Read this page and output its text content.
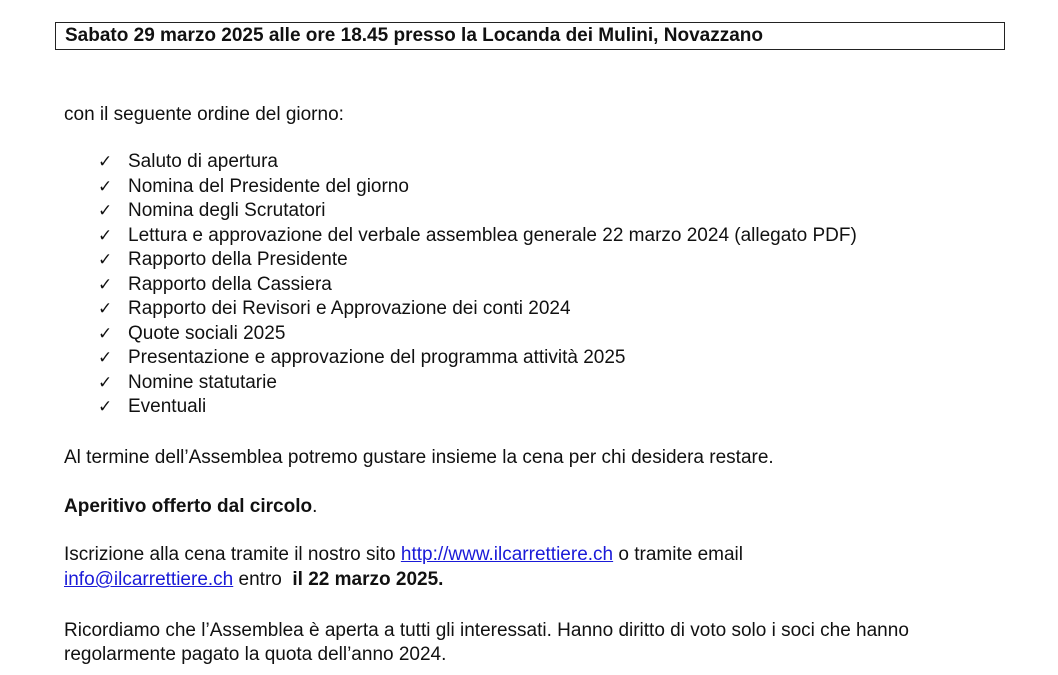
Sabato 29 marzo 2025 alle ore 18.45 presso la Locanda dei Mulini, Novazzano
con il seguente ordine del giorno:
✓ Saluto di apertura
✓ Nomina del Presidente del giorno
✓ Nomina degli Scrutatori
✓ Lettura e approvazione del verbale assemblea generale 22 marzo 2024 (allegato PDF)
✓ Rapporto della Presidente
✓ Rapporto della Cassiera
✓ Rapporto dei Revisori e Approvazione dei conti 2024
✓ Quote sociali 2025
✓ Presentazione e approvazione del programma attività 2025
✓ Nomine statutarie
✓ Eventuali
Al termine dell’Assemblea potremo gustare insieme la cena per chi desidera restare.
Aperitivo offerto dal circolo.
Iscrizione alla cena tramite il nostro sito http://www.ilcarrettiere.ch o tramite email
info@ilcarrettiere.ch entro  il 22 marzo 2025.
Ricordiamo che l’Assemblea è aperta a tutti gli interessati. Hanno diritto di voto solo i soci che hanno
regolarmente pagato la quota dell’anno 2024.
